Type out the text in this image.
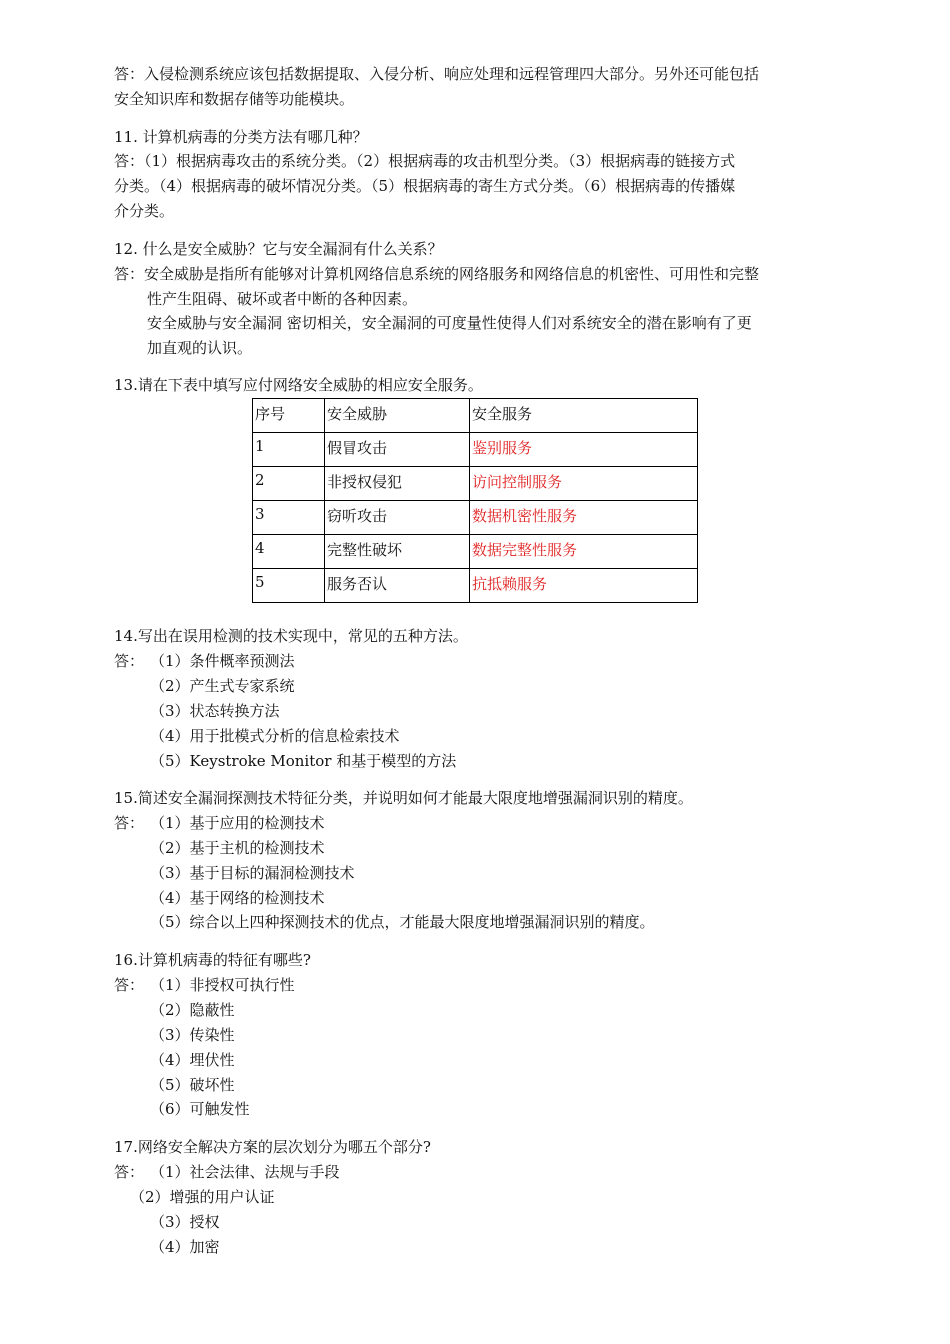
答：入侵检测系统应该包括数据提取、入侵分析、响应处理和远程管理四大部分。另外还可能包括
安全知识库和数据存储等功能模块。
11. 计算机病毒的分类方法有哪几种？
答：（1）根据病毒攻击的系统分类。（2）根据病毒的攻击机型分类。（3）根据病毒的链接方式
分类。（4）根据病毒的破坏情况分类。（5）根据病毒的寄生方式分类。（6）根据病毒的传播媒
介分类。
12. 什么是安全威胁？它与安全漏洞有什么关系？
答：安全威胁是指所有能够对计算机网络信息系统的网络服务和网络信息的机密性、可用性和完整
性产生阻碍、破坏或者中断的各种因素。
安全威胁与安全漏洞 密切相关，安全漏洞的可度量性使得人们对系统安全的潜在影响有了更
加直观的认识。
13.请在下表中填写应付网络安全威胁的相应安全服务。
序号	安全威胁	安全服务
1	假冒攻击	鉴别服务
2	非授权侵犯	访问控制服务
3	窃听攻击	数据机密性服务
4	完整性破坏	数据完整性服务
5	服务否认	抗抵赖服务
14.写出在误用检测的技术实现中，常见的五种方法。
答： （1）条件概率预测法
（2）产生式专家系统
（3）状态转换方法
（4）用于批模式分析的信息检索技术
（5）Keystroke Monitor 和基于模型的方法
15.简述安全漏洞探测技术特征分类，并说明如何才能最大限度地增强漏洞识别的精度。
答： （1）基于应用的检测技术
（2）基于主机的检测技术
（3）基于目标的漏洞检测技术
（4）基于网络的检测技术
（5）综合以上四种探测技术的优点，才能最大限度地增强漏洞识别的精度。
16.计算机病毒的特征有哪些?
答： （1）非授权可执行性
（2）隐蔽性
（3）传染性
（4）埋伏性
（5）破坏性
（6）可触发性
17.网络安全解决方案的层次划分为哪五个部分?
答： （1）社会法律、法规与手段
（2）增强的用户认证
（3）授权
（4）加密
